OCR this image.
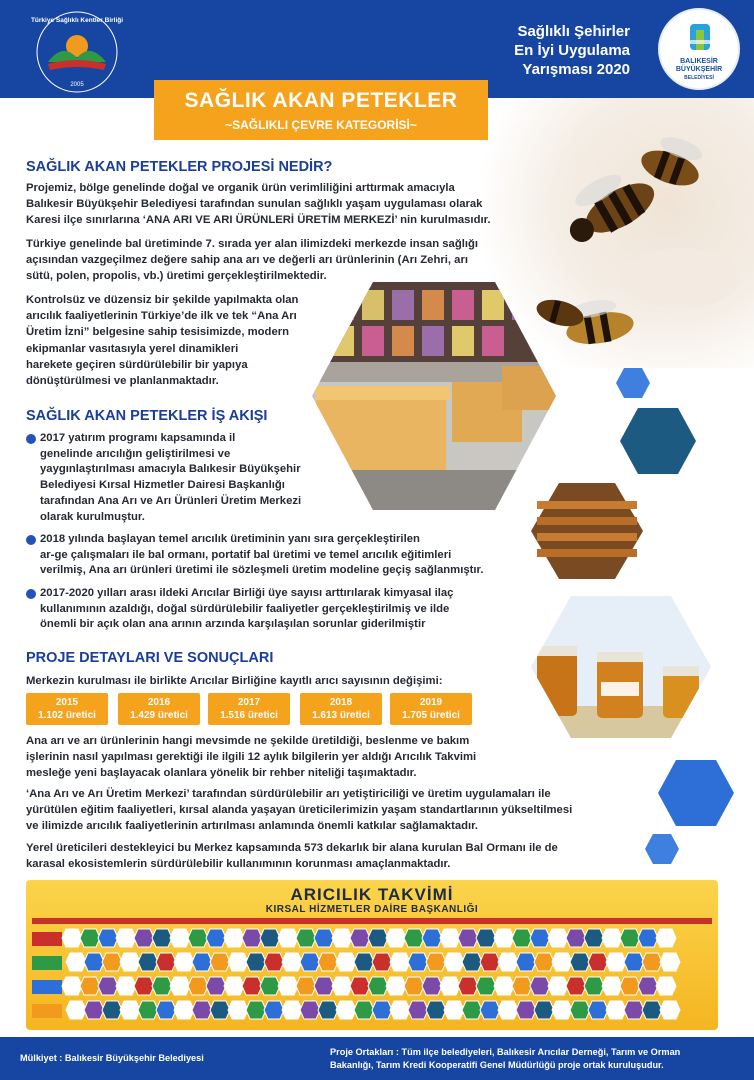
2005
Türkiye Sağlıklı Kentler Birliği
Sağlıklı Şehirler
En İyi Uygulama
Yarışması 2020	BALIKESİR
BÜYÜKŞEHİR
BELEDİYESİ
SAĞLIK AKAN PETEKLER
~SAĞLIKLI ÇEVRE KATEGORİSİ~
SAĞLIK AKAN PETEKLER PROJESİ NEDİR?
Projemiz, bölge genelinde doğal ve organik ürün verimliliğini arttırmak amacıyla
Balıkesir Büyükşehir Belediyesi tarafından sunulan sağlıklı yaşam uygulaması olarak
Karesi ilçe sınırlarına ‘ANA ARI VE ARI ÜRÜNLERİ ÜRETİM MERKEZİ’ nin kurulmasıdır.
Türkiye genelinde bal üretiminde 7. sırada yer alan ilimizdeki merkezde insan sağlığı
açısından vazgeçilmez değere sahip ana arı ve değerli arı ürünlerinin (Arı Zehri, arı
sütü, polen, propolis, vb.) üretimi gerçekleştirilmektedir.
Kontrolsüz ve düzensiz bir şekilde yapılmakta olan
arıcılık faaliyetlerinin Türkiye’de ilk ve tek “Ana Arı
Üretim İzni” belgesine sahip tesisimizde, modern
ekipmanlar vasıtasıyla yerel dinamikleri
harekete geçiren sürdürülebilir bir yapıya
dönüştürülmesi ve planlanmaktadır.
SAĞLIK AKAN PETEKLER İŞ AKIŞI
2017 yatırım programı kapsamında il
genelinde arıcılığın geliştirilmesi ve
yaygınlaştırılması amacıyla Balıkesir Büyükşehir
Belediyesi Kırsal Hizmetler Dairesi Başkanlığı
tarafından Ana Arı ve Arı Ürünleri Üretim Merkezi
olarak kurulmuştur.
2018 yılında başlayan temel arıcılık üretiminin yanı sıra gerçekleştirilen
ar-ge çalışmaları ile bal ormanı, portatif bal üretimi ve temel arıcılık eğitimleri
verilmiş, Ana arı ürünleri üretimi ile sözleşmeli üretim modeline geçiş sağlanmıştır.
2017-2020 yılları arası ildeki Arıcılar Birliği üye sayısı arttırılarak kimyasal ilaç
kullanımının azaldığı, doğal sürdürülebilir faaliyetler gerçekleştirilmiş ve ilde
önemli bir açık olan ana arının arzında karşılaşılan sorunlar giderilmiştir
PROJE DETAYLARI VE SONUÇLARI
Merkezin kurulması ile birlikte Arıcılar Birliğine kayıtlı arıcı sayısının değişimi:
2015
1.102 üretici
2016
1.429 üretici
2017
1.516 üretici
2018
1.613 üretici
2019
1.705 üretici
Ana arı ve arı ürünlerinin hangi mevsimde ne şekilde üretildiği, beslenme ve bakım
işlerinin nasıl yapılması gerektiği ile ilgili 12 aylık bilgilerin yer aldığı Arıcılık Takvimi
mesleğe yeni başlayacak olanlara yönelik bir rehber niteliği taşımaktadır.
‘Ana Arı ve Arı Üretim Merkezi’ tarafından sürdürülebilir arı yetiştiriciliği ve üretim uygulamaları ile
yürütülen eğitim faaliyetleri, kırsal alanda yaşayan üreticilerimizin yaşam standartlarının yükseltilmesi
ve ilimizde arıcılık faaliyetlerinin artırılması anlamında önemli katkılar sağlamaktadır.
Yerel üreticileri destekleyici bu Merkez kapsamında 573 dekarlık bir alana kurulan Bal Ormanı ile de
karasal ekosistemlerin sürdürülebilir kullanımının korunması amaçlanmaktadır.
ARICILIK TAKVİMİ
KIRSAL HİZMETLER DAİRE BAŞKANLIĞI
Mülkiyet : Balıkesir Büyükşehir Belediyesi
Proje Ortakları : Tüm ilçe belediyeleri, Balıkesir Arıcılar Derneği, Tarım ve Orman
Bakanlığı, Tarım Kredi Kooperatifi Genel Müdürlüğü proje ortak kuruluşudur.
